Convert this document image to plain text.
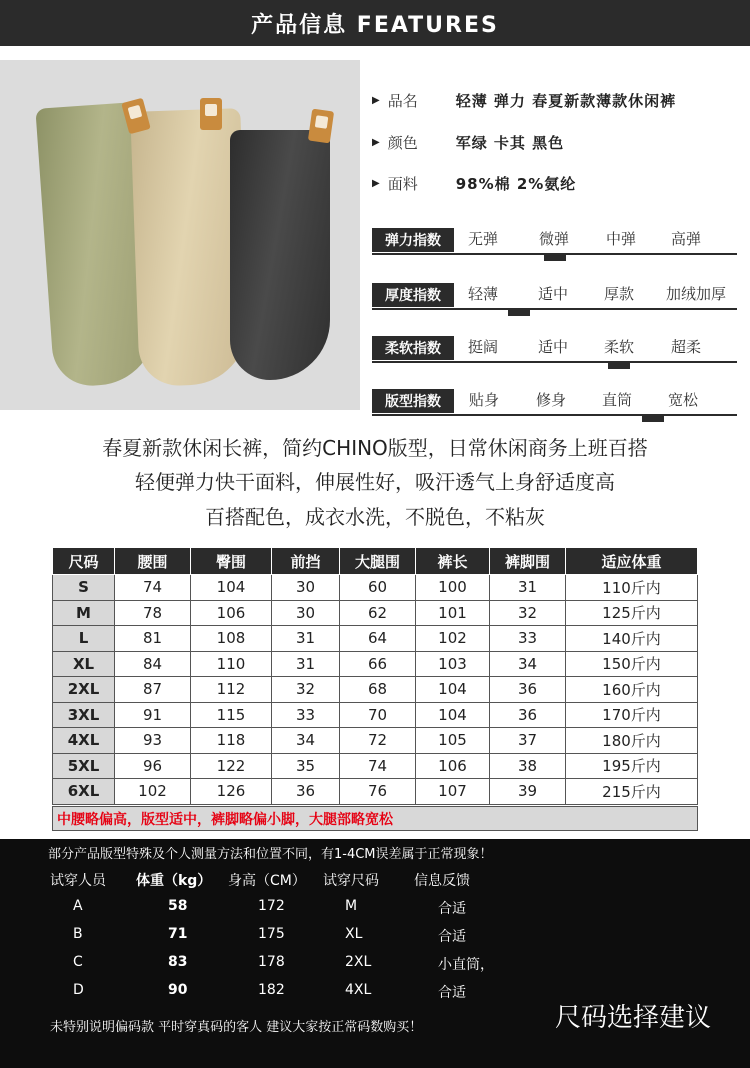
产品信息 FEATURES
▶ 品名	轻薄 弹力 春夏新款薄款休闲裤
▶ 颜色	军绿 卡其 黑色
▶ 面料	98%棉 2%氨纶
弹力指数	无弹	微弹 中弹 高弹
厚度指数	轻薄	适中 厚款 加绒加厚
柔软指数	挺阔	适中 柔软 超柔
版型指数	贴身 修身 直筒 宽松
春夏新款休闲长裤，简约CHINO版型，日常休闲商务上班百搭
轻便弹力快干面料，伸展性好，吸汗透气上身舒适度高
百搭配色，成衣水洗，不脱色，不粘灰
尺码	腰围	臀围	前挡	大腿围	裤长	裤脚围	适应体重
S	74	104	30	60	100	31	110斤内
M	78	106	30	62	101	32	125斤内
L	81	108	31	64	102	33	140斤内
XL	84	110	31	66	103	34	150斤内
2XL	87	112	32	68	104	36	160斤内
3XL	91	115	33	70	104	36	170斤内
4XL	93	118	34	72	105	37	180斤内
5XL	96	122	35	74	106	38	195斤内
6XL	102	126	36	76	107	39	215斤内
中腰略偏高，版型适中，裤脚略偏小脚，大腿部略宽松
部分产品版型特殊及个人测量方法和位置不同，有1-4CM误差属于正常现象！
试穿人员 体重（kg） 身高（CM） 试穿尺码	信息反馈
A	58	172	M	合适
B	71	175	XL	合适
C	83	178	2XL	小直筒，
D	90	182	4XL	合适
未特别说明偏码款 平时穿真码的客人 建议大家按正常码数购买！	尺码选择建议
